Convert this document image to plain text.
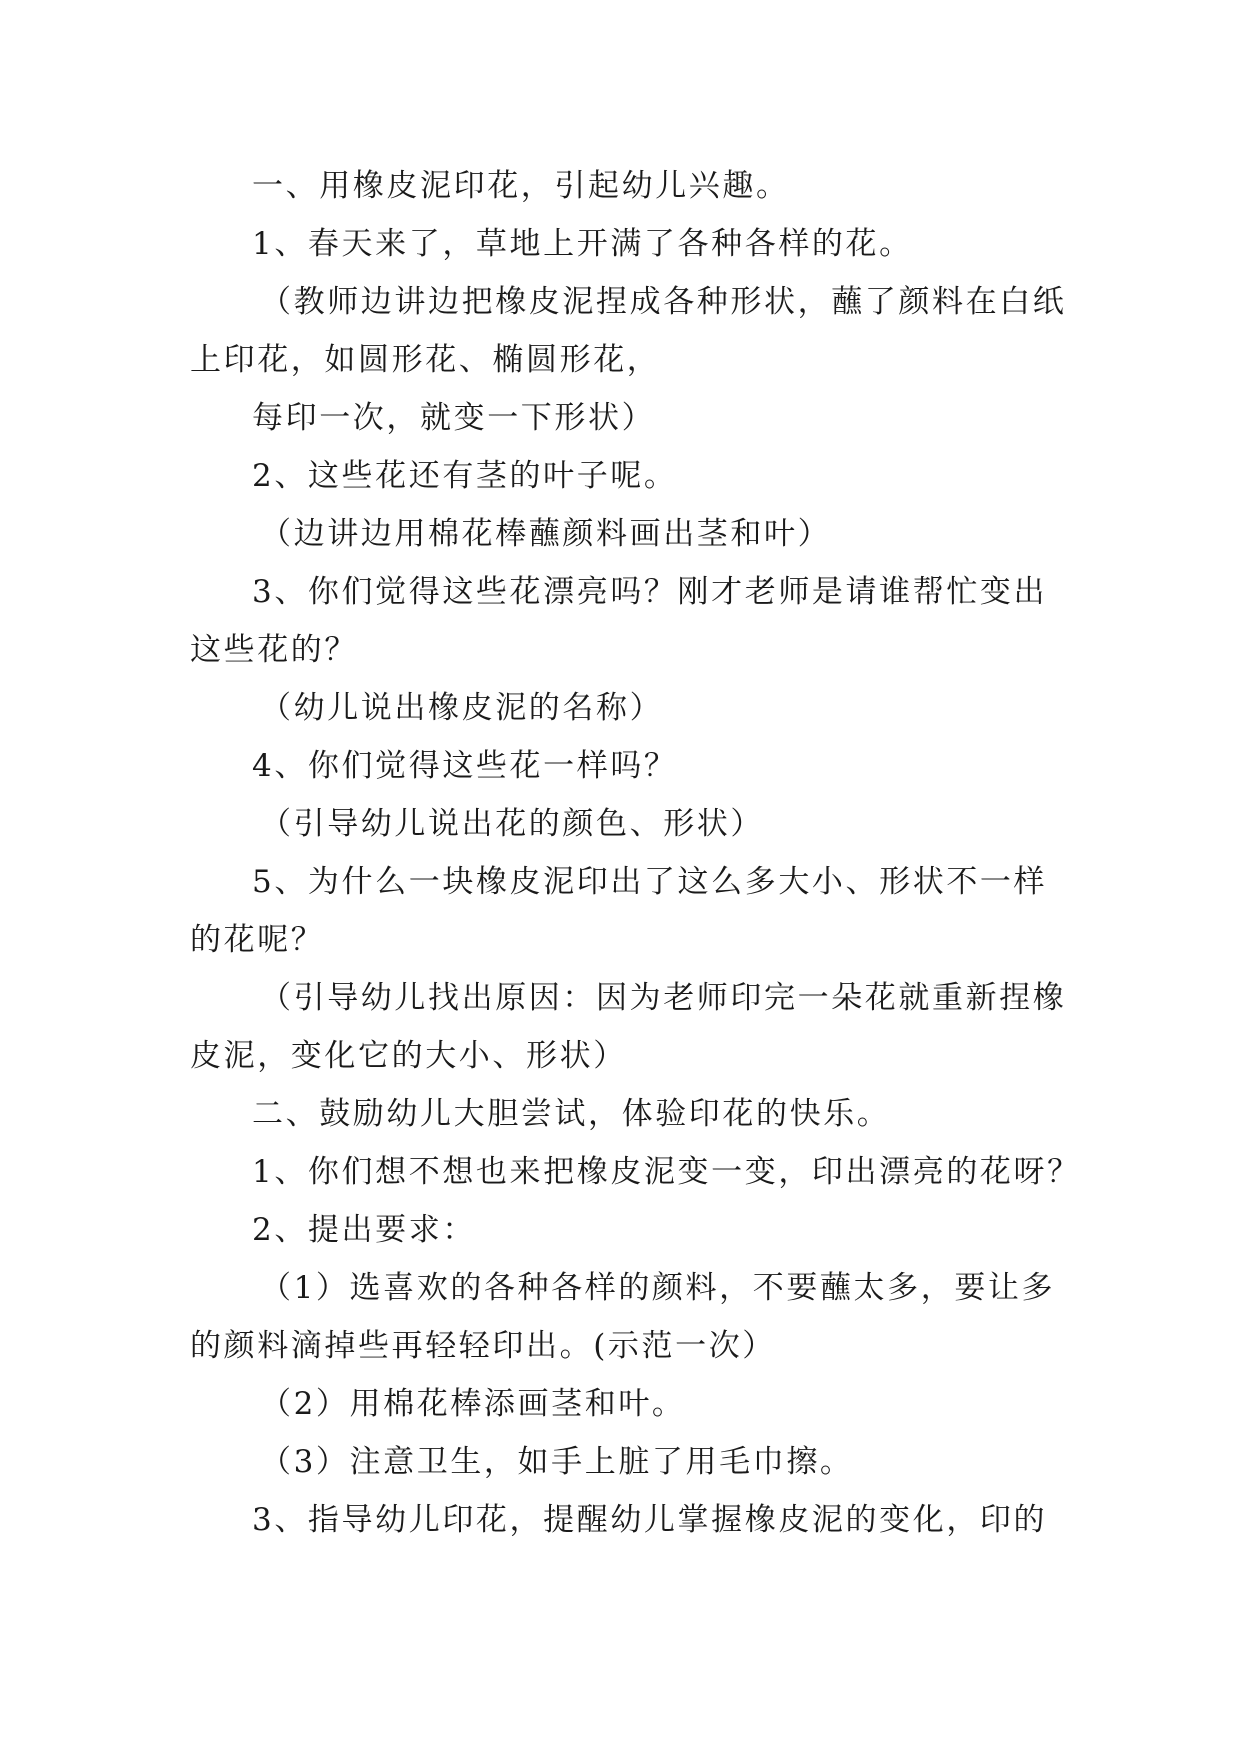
一、用橡皮泥印花，引起幼儿兴趣。

1、春天来了，草地上开满了各种各样的花。

（教师边讲边把橡皮泥捏成各种形状，蘸了颜料在白纸

上印花，如圆形花、椭圆形花，

每印一次，就变一下形状）

2、这些花还有茎的叶子呢。

（边讲边用棉花棒蘸颜料画出茎和叶）

3、你们觉得这些花漂亮吗？刚才老师是请谁帮忙变出

这些花的？

（幼儿说出橡皮泥的名称）

4、你们觉得这些花一样吗？

（引导幼儿说出花的颜色、形状）

5、为什么一块橡皮泥印出了这么多大小、形状不一样

的花呢？

（引导幼儿找出原因：因为老师印完一朵花就重新捏橡

皮泥，变化它的大小、形状）

二、鼓励幼儿大胆尝试，体验印花的快乐。

1、你们想不想也来把橡皮泥变一变，印出漂亮的花呀？

2、提出要求：

（1）选喜欢的各种各样的颜料，不要蘸太多，要让多

的颜料滴掉些再轻轻印出。(示范一次）

（2）用棉花棒添画茎和叶。

（3）注意卫生，如手上脏了用毛巾擦。

3、指导幼儿印花，提醒幼儿掌握橡皮泥的变化，印的
